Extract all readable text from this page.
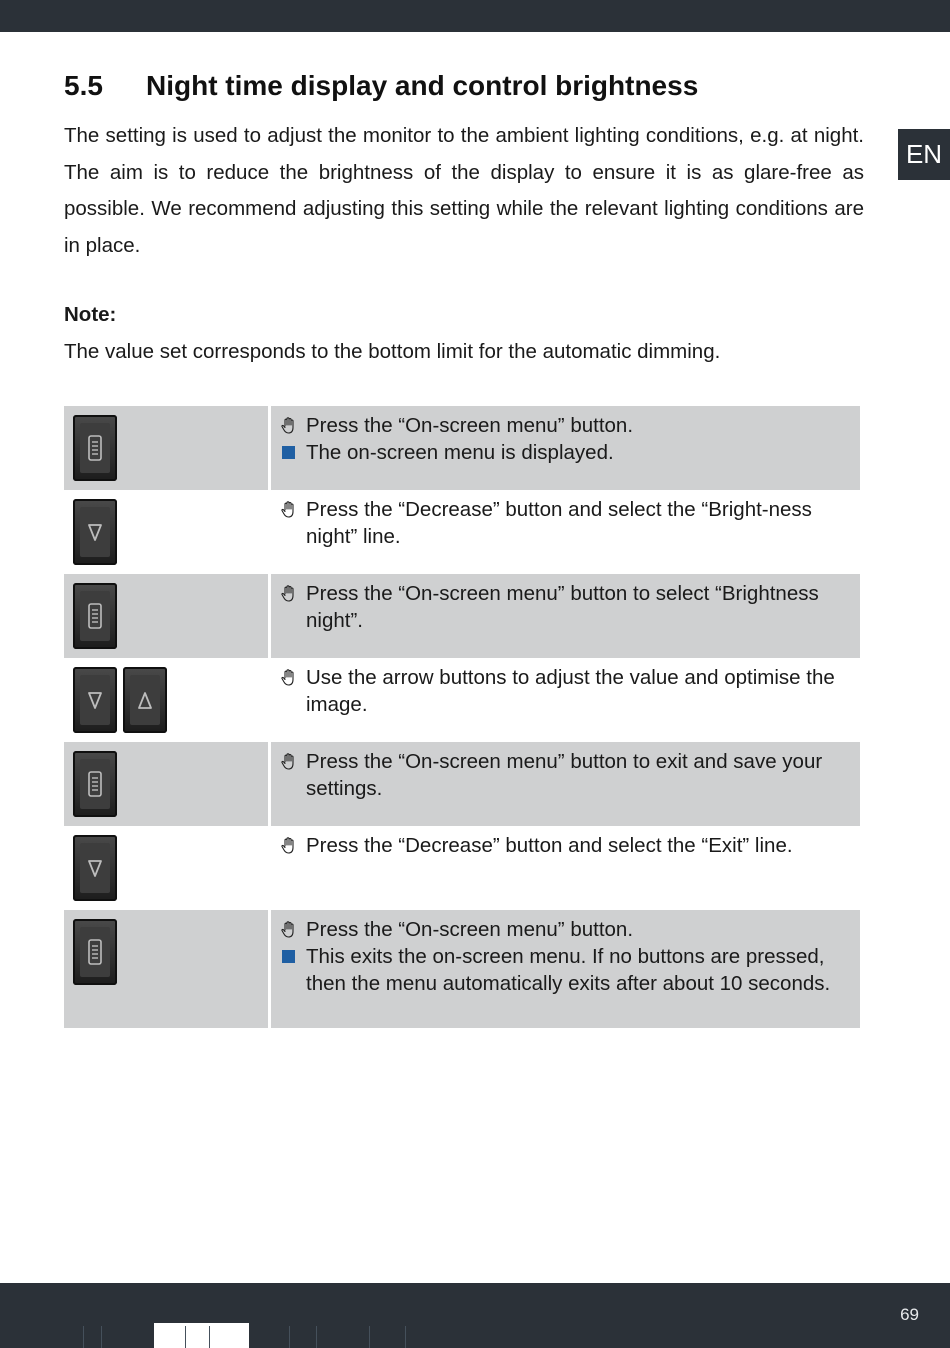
EN
5.5 Night time display and control brightness

The setting is used to adjust the monitor to the ambient lighting conditions, e.g. at night. The aim is to reduce the brightness of the display to ensure it is as glare-free as possible. We recommend adjusting this setting while the relevant lighting conditions are in place.

Note:
The value set corresponds to the bottom limit for the automatic dimming.
Press the “On-screen menu” button.
The on-screen menu is displayed.
Press the “Decrease” button and select the “Bright-ness night” line.
Press the “On-screen menu” button to select “Brightness night”.
Use the arrow buttons to adjust the value and optimise the image.
Press the “On-screen menu” button to exit and save your settings.
Press the “Decrease” button and select the “Exit” line.
Press the “On-screen menu” button.
This exits the on-screen menu. If no buttons are pressed, then the menu automatically exits after about 10 seconds.
69
